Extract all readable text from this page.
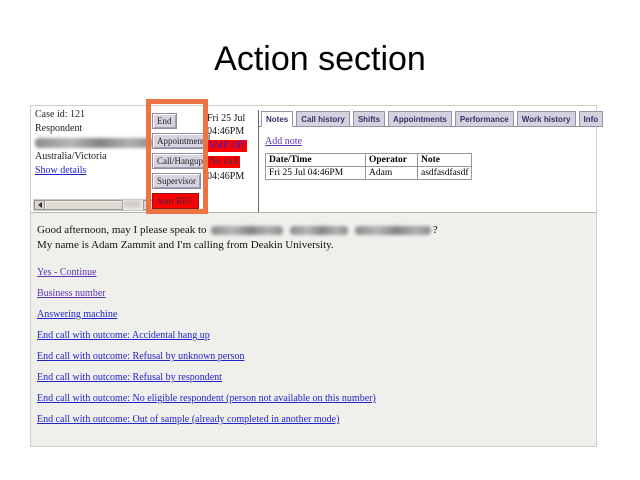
Action section
Case id: 121
Respondent
Australia/Victoria
Show details
End
Appointment
Call/Hangup
Supervisor
Start REC
Fri 25 Jul
04:46PM
VoIP Off No call
04:46PM
Notes	Call history	Shifts	Appointments	Performance	Work history	Info
Add note
Date/Time	Operator	Note
Fri 25 Jul 04:46PM	Adam	asdfasdfasdf
Good afternoon, may I please speak to	?
My name is Adam Zammit and I'm calling from Deakin University.
Yes - Continue
Business number
Answering machine
End call with outcome: Accidental hang up
End call with outcome: Refusal by unknown person
End call with outcome: Refusal by respondent
End call with outcome: No eligible respondent (person not available on this number)
End call with outcome: Out of sample (already completed in another mode)
